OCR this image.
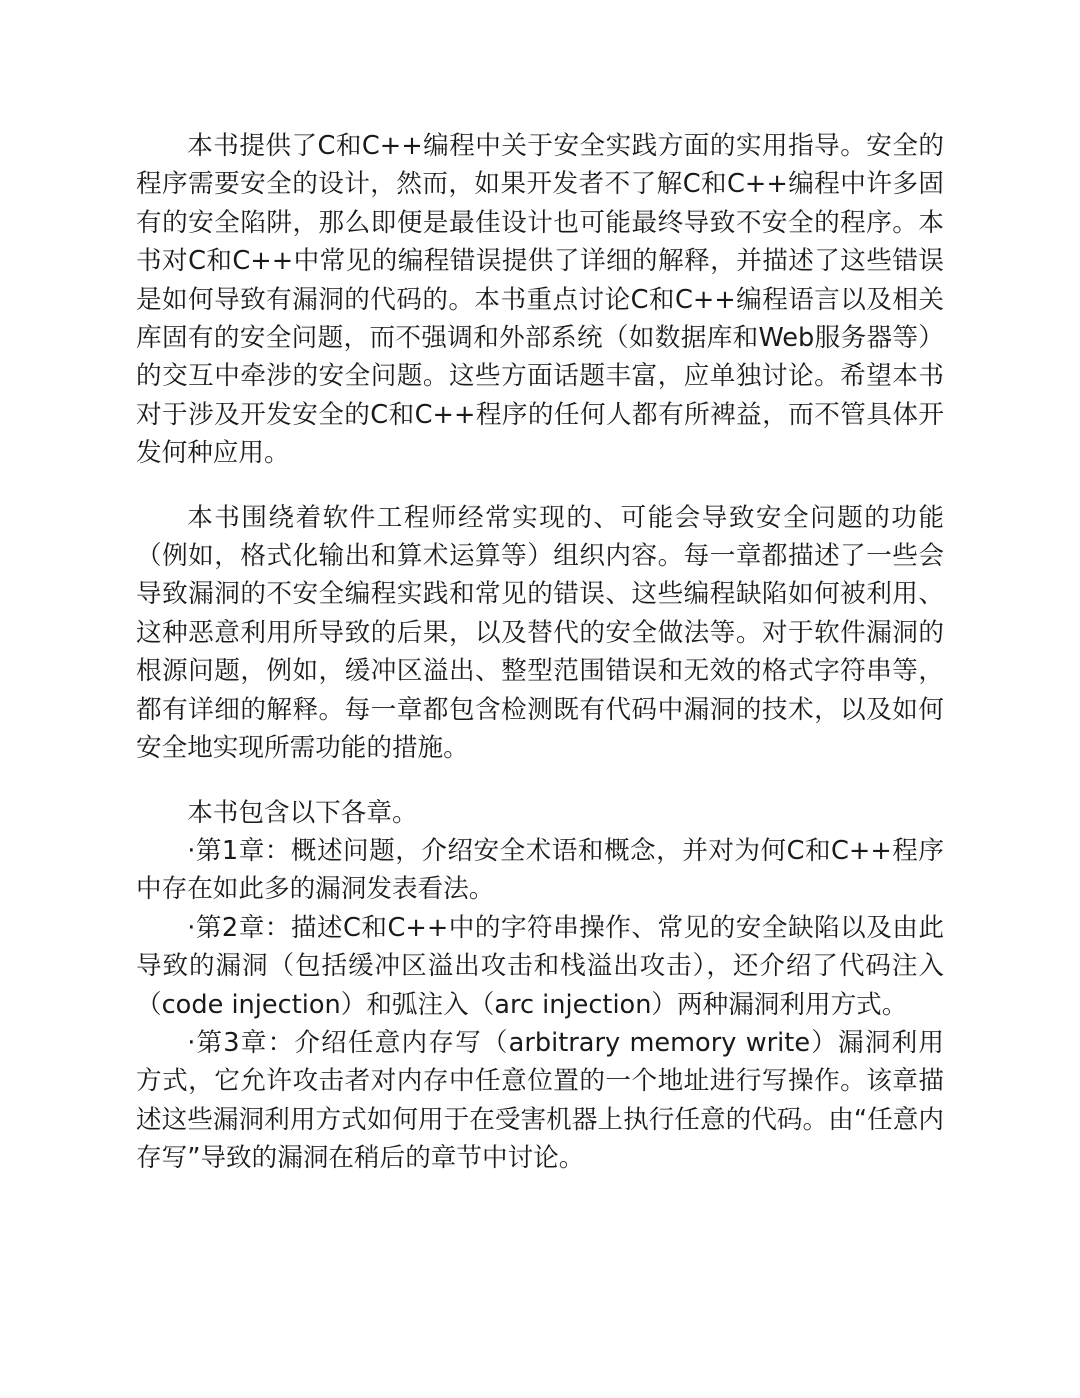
本书提供了C和C++编程中关于安全实践方面的实用指导。安全的程序需要安全的设计，然而，如果开发者不了解C和C++编程中许多固有的安全陷阱，那么即便是最佳设计也可能最终导致不安全的程序。本书对C和C++中常见的编程错误提供了详细的解释，并描述了这些错误是如何导致有漏洞的代码的。本书重点讨论C和C++编程语言以及相关库固有的安全问题，而不强调和外部系统（如数据库和Web服务器等）的交互中牵涉的安全问题。这些方面话题丰富，应单独讨论。希望本书对于涉及开发安全的C和C++程序的任何人都有所裨益，而不管具体开发何种应用。

本书围绕着软件工程师经常实现的、可能会导致安全问题的功能（例如，格式化输出和算术运算等）组织内容。每一章都描述了一些会导致漏洞的不安全编程实践和常见的错误、这些编程缺陷如何被利用、这种恶意利用所导致的后果，以及替代的安全做法等。对于软件漏洞的根源问题，例如，缓冲区溢出、整型范围错误和无效的格式字符串等，都有详细的解释。每一章都包含检测既有代码中漏洞的技术，以及如何安全地实现所需功能的措施。

本书包含以下各章。

·第1章：概述问题，介绍安全术语和概念，并对为何C和C++程序中存在如此多的漏洞发表看法。

·第2章：描述C和C++中的字符串操作、常见的安全缺陷以及由此导致的漏洞（包括缓冲区溢出攻击和栈溢出攻击），还介绍了代码注入（code injection）和弧注入（arc injection）两种漏洞利用方式。

·第3章：介绍任意内存写（arbitrary memory write）漏洞利用方式，它允许攻击者对内存中任意位置的一个地址进行写操作。该章描述这些漏洞利用方式如何用于在受害机器上执行任意的代码。由“任意内存写”导致的漏洞在稍后的章节中讨论。
